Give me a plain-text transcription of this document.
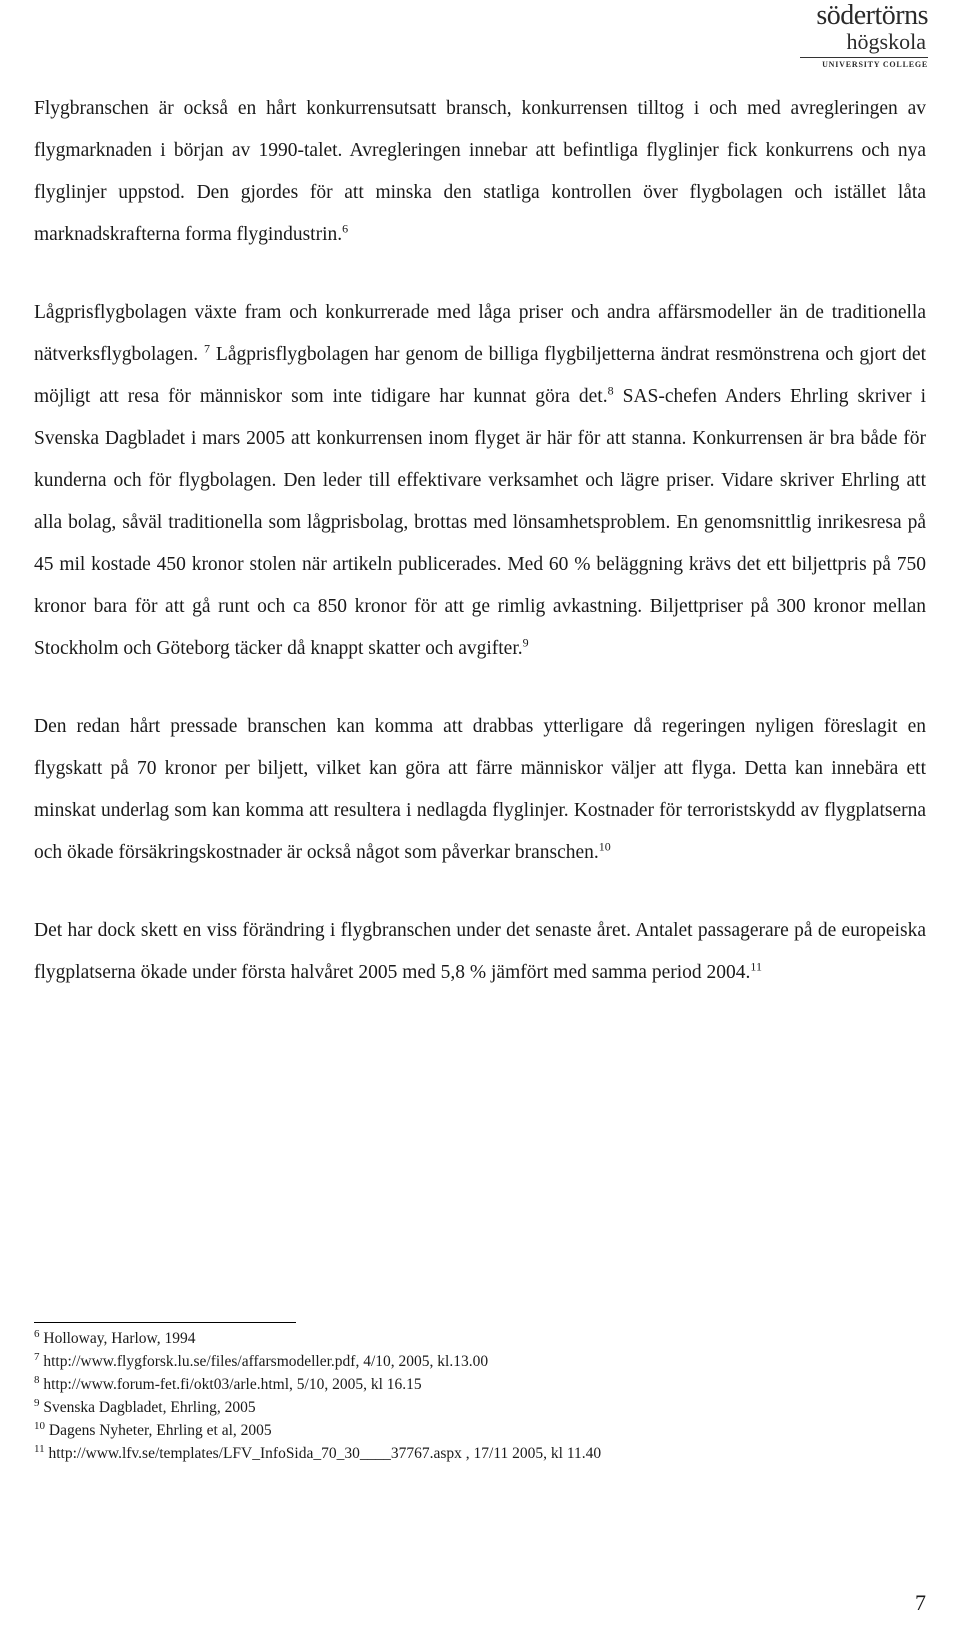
södertörns
högskola
UNIVERSITY COLLEGE

Flygbranschen är också en hårt konkurrensutsatt bransch, konkurrensen tilltog i och med avregleringen av flygmarknaden i början av 1990-talet. Avregleringen innebar att befintliga flyglinjer fick konkurrens och nya flyglinjer uppstod. Den gjordes för att minska den statliga kontrollen över flygbolagen och istället låta marknadskrafterna forma flygindustrin.$^6$

Lågprisflygbolagen växte fram och konkurrerade med låga priser och andra affärsmodeller än de traditionella nätverksflygbolagen. $^7$ Lågprisflygbolagen har genom de billiga flygbiljetterna ändrat resmönstrena och gjort det möjligt att resa för människor som inte tidigare har kunnat göra det.$^8$ SAS-chefen Anders Ehrling skriver i Svenska Dagbladet i mars 2005 att konkurrensen inom flyget är här för att stanna. Konkurrensen är bra både för kunderna och för flygbolagen. Den leder till effektivare verksamhet och lägre priser. Vidare skriver Ehrling att alla bolag, såväl traditionella som lågprisbolag, brottas med lönsamhetsproblem. En genomsnittlig inrikesresa på 45 mil kostade 450 kronor stolen när artikeln publicerades. Med 60 % beläggning krävs det ett biljettpris på 750 kronor bara för att gå runt och ca 850 kronor för att ge rimlig avkastning. Biljettpriser på 300 kronor mellan Stockholm och Göteborg täcker då knappt skatter och avgifter.$^9$

Den redan hårt pressade branschen kan komma att drabbas ytterligare då regeringen nyligen föreslagit en flygskatt på 70 kronor per biljett, vilket kan göra att färre människor väljer att flyga. Detta kan innebära ett minskat underlag som kan komma att resultera i nedlagda flyglinjer. Kostnader för terroristskydd av flygplatserna och ökade försäkringskostnader är också något som påverkar branschen.$^{10}$

Det har dock skett en viss förändring i flygbranschen under det senaste året. Antalet passagerare på de europeiska flygplatserna ökade under första halvåret 2005 med 5,8 % jämfört med samma period 2004.11

$^6$ Holloway, Harlow, 1994
$^7$ http://www.flygforsk.lu.se/files/affarsmodeller.pdf, 4/10, 2005, kl.13.00
$^8$ http://www.forum-fet.fi/okt03/arle.html, 5/10, 2005, kl 16.15
$^9$ Svenska Dagbladet, Ehrling, 2005
$^{10}$ Dagens Nyheter, Ehrling et al, 2005
$^{11}$ http://www.lfv.se/templates/LFV_InfoSida_70_30____37767.aspx , 17/11 2005, kl 11.40
7
